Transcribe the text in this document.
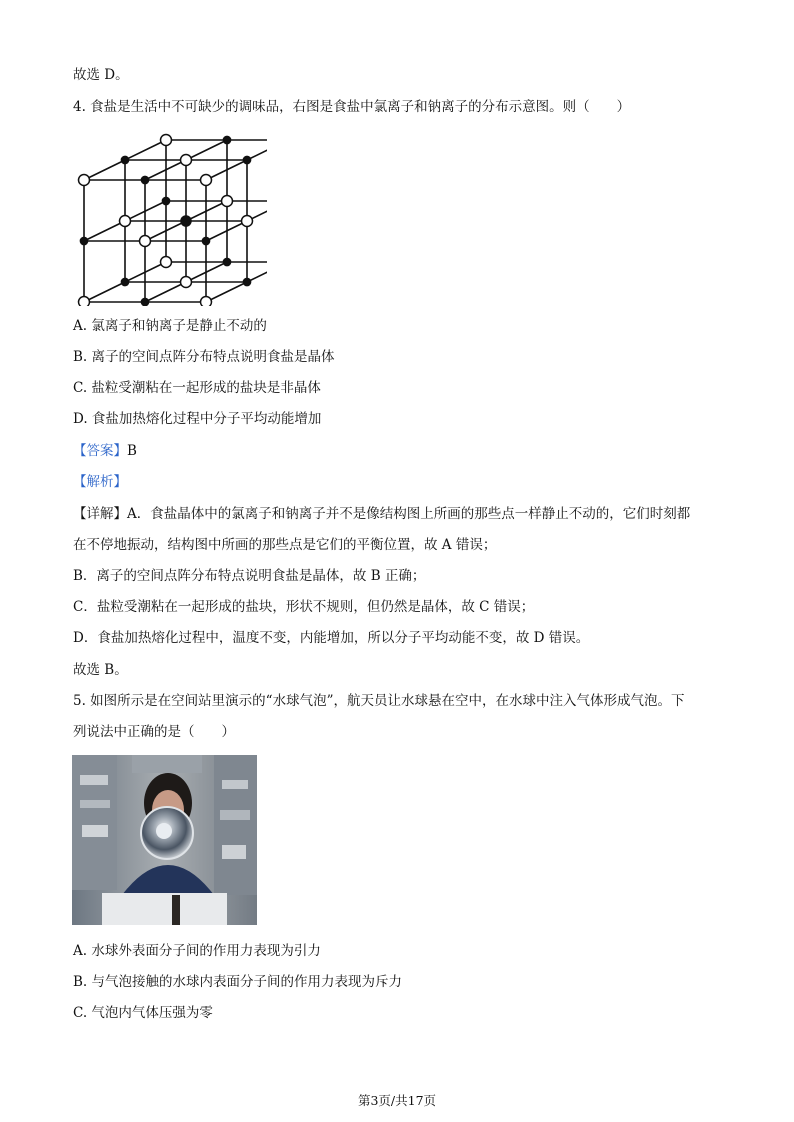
故选 D。
4. 食盐是生活中不可缺少的调味品，右图是食盐中氯离子和钠离子的分布示意图。则（　　）
A. 氯离子和钠离子是静止不动的
B. 离子的空间点阵分布特点说明食盐是晶体
C. 盐粒受潮粘在一起形成的盐块是非晶体
D. 食盐加热熔化过程中分子平均动能增加
【答案】B
【解析】
【详解】A．食盐晶体中的氯离子和钠离子并不是像结构图上所画的那些点一样静止不动的，它们时刻都
在不停地振动，结构图中所画的那些点是它们的平衡位置，故 A 错误；
B．离子的空间点阵分布特点说明食盐是晶体，故 B 正确；
C．盐粒受潮粘在一起形成的盐块，形状不规则，但仍然是晶体，故 C 错误；
D．食盐加热熔化过程中，温度不变，内能增加，所以分子平均动能不变，故 D 错误。
故选 B。
5. 如图所示是在空间站里演示的“水球气泡”，航天员让水球悬在空中，在水球中注入气体形成气泡。下
列说法中正确的是（　　）
A. 水球外表面分子间的作用力表现为引力
B. 与气泡接触的水球内表面分子间的作用力表现为斥力
C. 气泡内气体压强为零
第3页/共17页
